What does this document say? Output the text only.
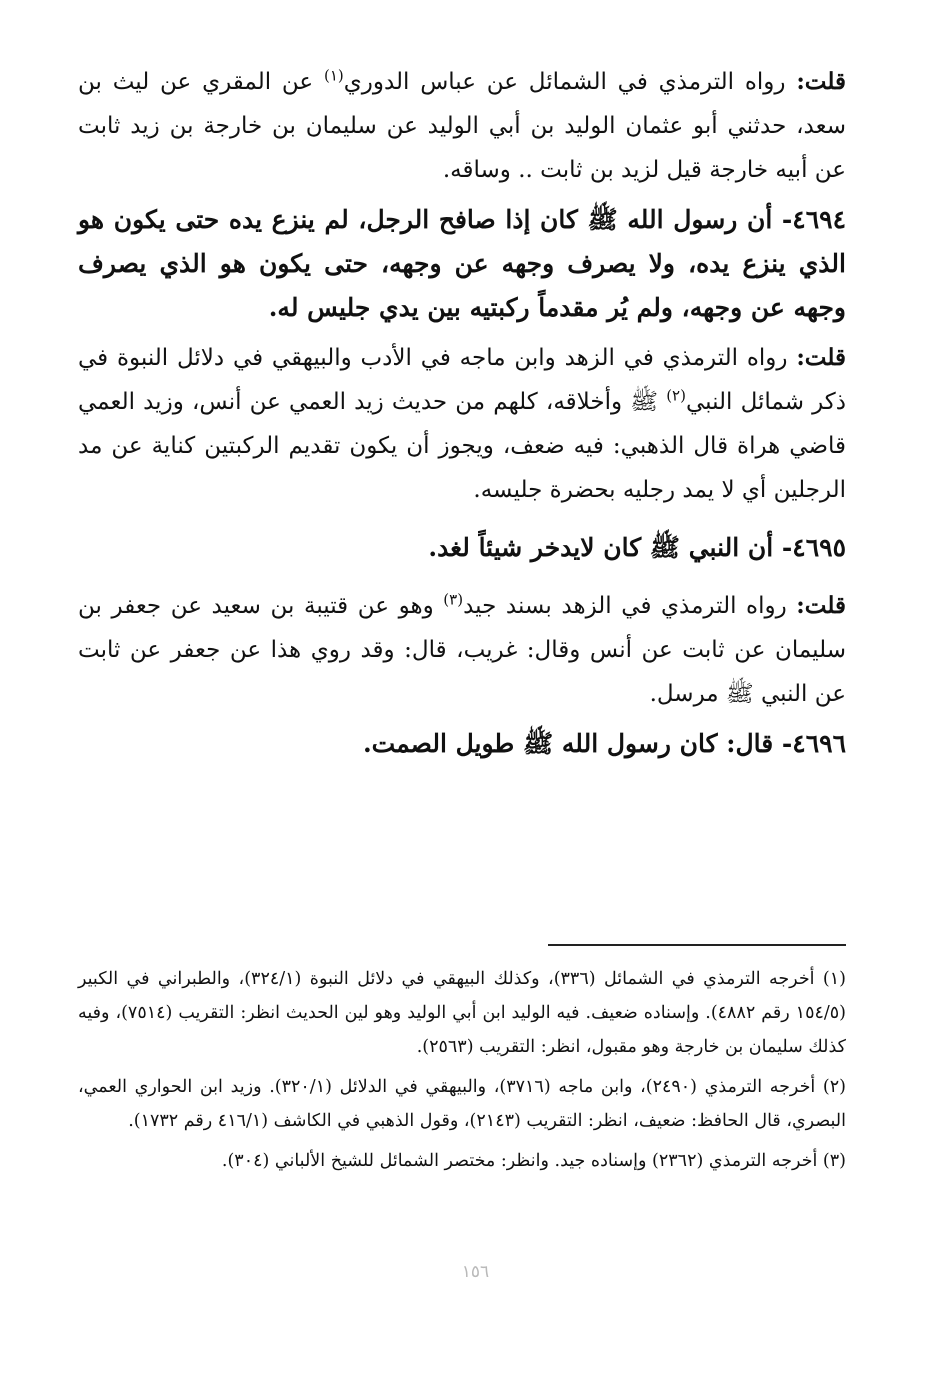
قلت: رواه الترمذي في الشمائل عن عباس الدوري$^{(١)}$ عن المقري عن ليث بن سعد، حدثني أبو عثمان الوليد بن أبي الوليد عن سليمان بن خارجة بن زيد ثابت عن أبيه خارجة قيل لزيد بن ثابت .. وساقه.

٤٦٩٤- أن رسول الله ﷺ كان إذا صافح الرجل، لم ينزع يده حتى يكون هو الذي ينزع يده، ولا يصرف وجهه عن وجهه، حتى يكون هو الذي يصرف وجهه عن وجهه، ولم يُر مقدماً ركبتيه بين يدي جليس له.

قلت: رواه الترمذي في الزهد وابن ماجه في الأدب والبيهقي في دلائل النبوة في ذكر شمائل النبي$^{(٢)}$ ﷺ وأخلاقه، كلهم من حديث زيد العمي عن أنس، وزيد العمي قاضي هراة قال الذهبي: فيه ضعف، ويجوز أن يكون تقديم الركبتين كناية عن مد الرجلين أي لا يمد رجليه بحضرة جليسه.

٤٦٩٥- أن النبي ﷺ كان لايدخر شيئاً لغد.

قلت: رواه الترمذي في الزهد بسند جيد$^{(٣)}$ وهو عن قتيبة بن سعيد عن جعفر بن سليمان عن ثابت عن أنس وقال: غريب، قال: وقد روي هذا عن جعفر عن ثابت عن النبي ﷺ مرسل.

٤٦٩٦- قال: كان رسول الله ﷺ طويل الصمت.

(١) أخرجه الترمذي في الشمائل (٣٣٦)، وكذلك البيهقي في دلائل النبوة (٣٢٤/١)، والطبراني في الكبير (١٥٤/٥ رقم ٤٨٨٢). وإسناده ضعيف. فيه الوليد ابن أبي الوليد وهو لين الحديث انظر: التقريب (٧٥١٤)، وفيه كذلك سليمان بن خارجة وهو مقبول، انظر: التقريب (٢٥٦٣).

(٢) أخرجه الترمذي (٢٤٩٠)، وابن ماجه (٣٧١٦)، والبيهقي في الدلائل (٣٢٠/١). وزيد ابن الحواري العمي، البصري، قال الحافظ: ضعيف، انظر: التقريب (٢١٤٣)، وقول الذهبي في الكاشف (٤١٦/١ رقم ١٧٣٢).

(٣) أخرجه الترمذي (٢٣٦٢) وإسناده جيد. وانظر: مختصر الشمائل للشيخ الألباني (٣٠٤).

١٥٦
